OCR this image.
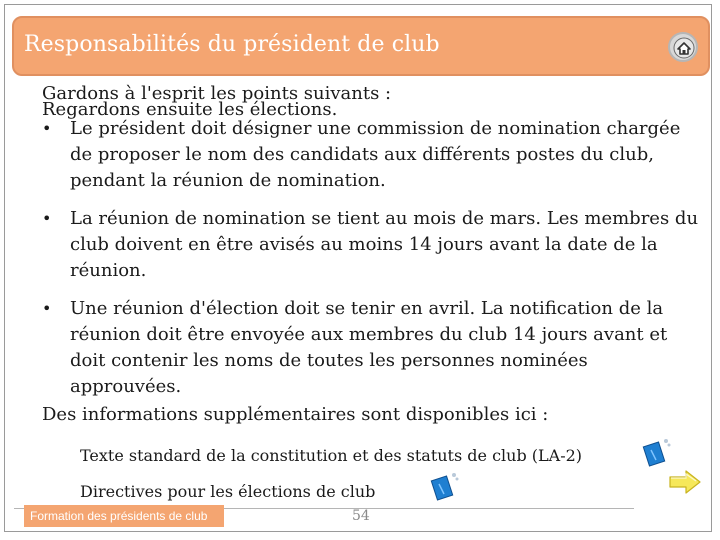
Responsabilités du président de club
Gardons à l'esprit les points suivants :
Regardons ensuite les élections.
• Le président doit désigner une commission de nomination chargée de proposer le nom des candidats aux différents postes du club, pendant la réunion de nomination.
• La réunion de nomination se tient au mois de mars. Les membres du club doivent en être avisés au moins 14 jours avant la date de la réunion.
• Une réunion d'élection doit se tenir en avril. La notification de la réunion doit être envoyée aux membres du club 14 jours avant et doit contenir les noms de toutes les personnes nominées approuvées.
Des informations supplémentaires sont disponibles ici :
Texte standard de la constitution et des statuts de club (LA-2)
Directives pour les élections de club
Formation des présidents de club	54
